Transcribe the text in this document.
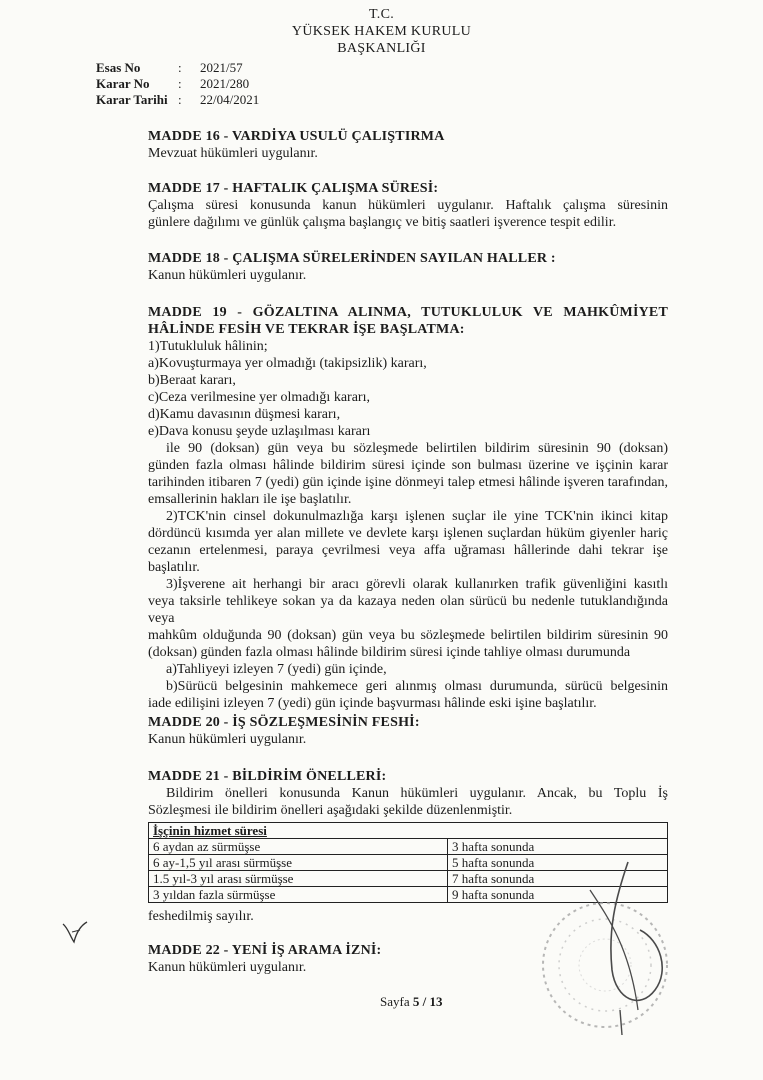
T.C.
YÜKSEK HAKEM KURULU
BAŞKANLIĞI
Esas No	:	2021/57
Karar No	:	2021/280
Karar Tarihi :	22/04/2021
MADDE 16 - VARDİYA USULÜ ÇALIŞTIRMA
Mevzuat hükümleri uygulanır.
MADDE 17 - HAFTALIK ÇALIŞMA SÜRESİ:
Çalışma süresi konusunda kanun hükümleri uygulanır. Haftalık çalışma süresinin
günlere dağılımı ve günlük çalışma başlangıç ve bitiş saatleri işverence tespit edilir.
MADDE 18 - ÇALIŞMA SÜRELERİNDEN SAYILAN HALLER :
Kanun hükümleri uygulanır.
MADDE 19 - GÖZALTINA ALINMA, TUTUKLULUK VE MAHKÛMİYET
HÂLİNDE FESİH VE TEKRAR İŞE BAŞLATMA:
1)Tutukluluk hâlinin;
a)Kovuşturmaya yer olmadığı (takipsizlik) kararı,
b)Beraat kararı,
c)Ceza verilmesine yer olmadığı kararı,
d)Kamu davasının düşmesi kararı,
e)Dava konusu şeyde uzlaşılması kararı
ile 90 (doksan) gün veya bu sözleşmede belirtilen bildirim süresinin 90 (doksan)
günden fazla olması hâlinde bildirim süresi içinde son bulması üzerine ve işçinin karar
tarihinden itibaren 7 (yedi) gün içinde işine dönmeyi talep etmesi hâlinde işveren tarafından,
emsallerinin hakları ile işe başlatılır.
2)TCK'nin cinsel dokunulmazlığa karşı işlenen suçlar ile yine TCK'nin ikinci kitap
dördüncü kısımda yer alan millete ve devlete karşı işlenen suçlardan hüküm giyenler hariç
cezanın ertelenmesi, paraya çevrilmesi veya affa uğraması hâllerinde dahi tekrar işe başlatılır.
3)İşverene ait herhangi bir aracı görevli olarak kullanırken trafik güvenliğini kasıtlı
veya taksirle tehlikeye sokan ya da kazaya neden olan sürücü bu nedenle tutuklandığında veya
mahkûm olduğunda 90 (doksan) gün veya bu sözleşmede belirtilen bildirim süresinin 90
(doksan) günden fazla olması hâlinde bildirim süresi içinde tahliye olması durumunda
a)Tahliyeyi izleyen 7 (yedi) gün içinde,
b)Sürücü belgesinin mahkemece geri alınmış olması durumunda, sürücü belgesinin
iade edilişini izleyen 7 (yedi) gün içinde başvurması hâlinde eski işine başlatılır.
MADDE 20 - İŞ SÖZLEŞMESİNİN FESHİ:
Kanun hükümleri uygulanır.
MADDE 21 - BİLDİRİM ÖNELLERİ:
Bildirim önelleri konusunda Kanun hükümleri uygulanır. Ancak, bu Toplu İş
Sözleşmesi ile bildirim önelleri aşağıdaki şekilde düzenlenmiştir.
İşçinin hizmet süresi	
6 aydan az sürmüşse	3 hafta sonunda
6 ay-1,5 yıl arası sürmüşse	5 hafta sonunda
1.5 yıl-3 yıl arası sürmüşse	7 hafta sonunda
3 yıldan fazla sürmüşse	9 hafta sonunda
feshedilmiş sayılır.
MADDE 22 - YENİ İŞ ARAMA İZNİ:
Kanun hükümleri uygulanır.
Sayfa 5 / 13
